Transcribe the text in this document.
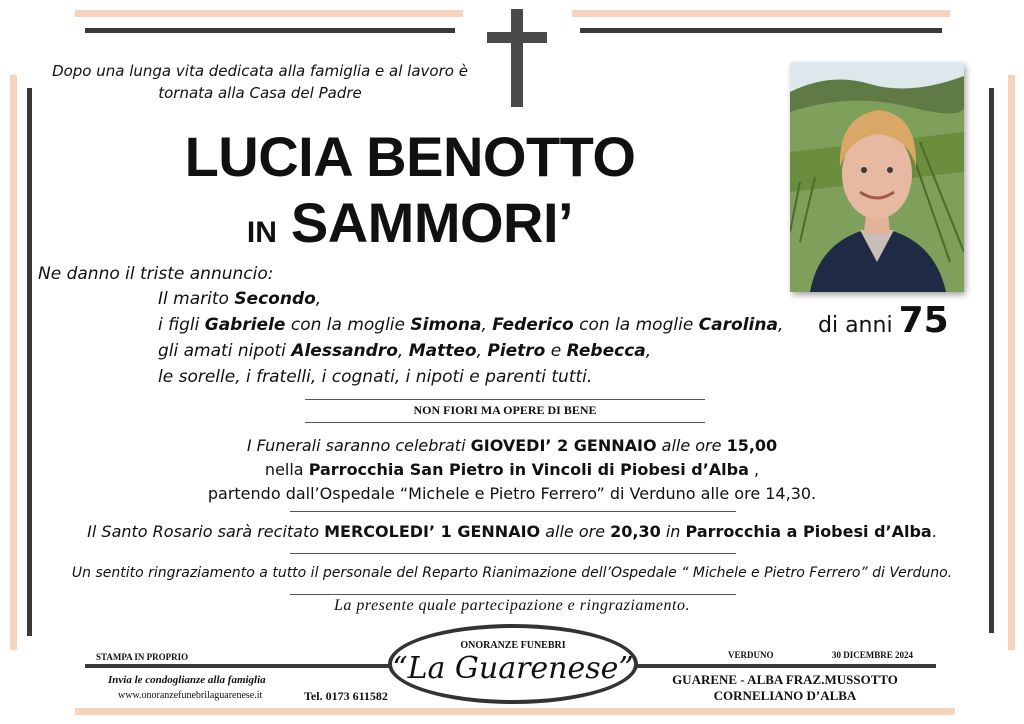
Dopo una lunga vita dedicata alla famiglia e al lavoro è tornata alla Casa del Padre
LUCIA BENOTTO
IN SAMMORI’
di anni 75
Ne danno il triste annuncio:
Il marito Secondo,
i figli Gabriele con la moglie Simona, Federico con la moglie Carolina,
gli amati nipoti Alessandro, Matteo, Pietro e Rebecca,
le sorelle, i fratelli, i cognati, i nipoti e parenti tutti.
NON FIORI MA OPERE DI BENE
I Funerali saranno celebrati GIOVEDI’ 2 GENNAIO alle ore 15,00
nella Parrocchia San Pietro in Vincoli di Piobesi d’Alba ,
partendo dall’Ospedale “Michele e Pietro Ferrero” di Verduno alle ore 14,30.
Il Santo Rosario sarà recitato MERCOLEDI’ 1 GENNAIO alle ore 20,30 in Parrocchia a Piobesi d’Alba.
Un sentito ringraziamento a tutto il personale del Reparto Rianimazione dell’Ospedale “ Michele e Pietro Ferrero” di Verduno.
La presente quale partecipazione e ringraziamento.
STAMPA IN PROPRIO	VERDUNO	30 DICEMBRE 2024
ONORANZE FUNEBRI
“La Guarenese”
Invia le condoglianze alla famiglia
www.onoranzefunebrilaguarenese.it	Tel. 0173 611582
GUARENE - ALBA FRAZ.MUSSOTTO
CORNELIANO D’ALBA
